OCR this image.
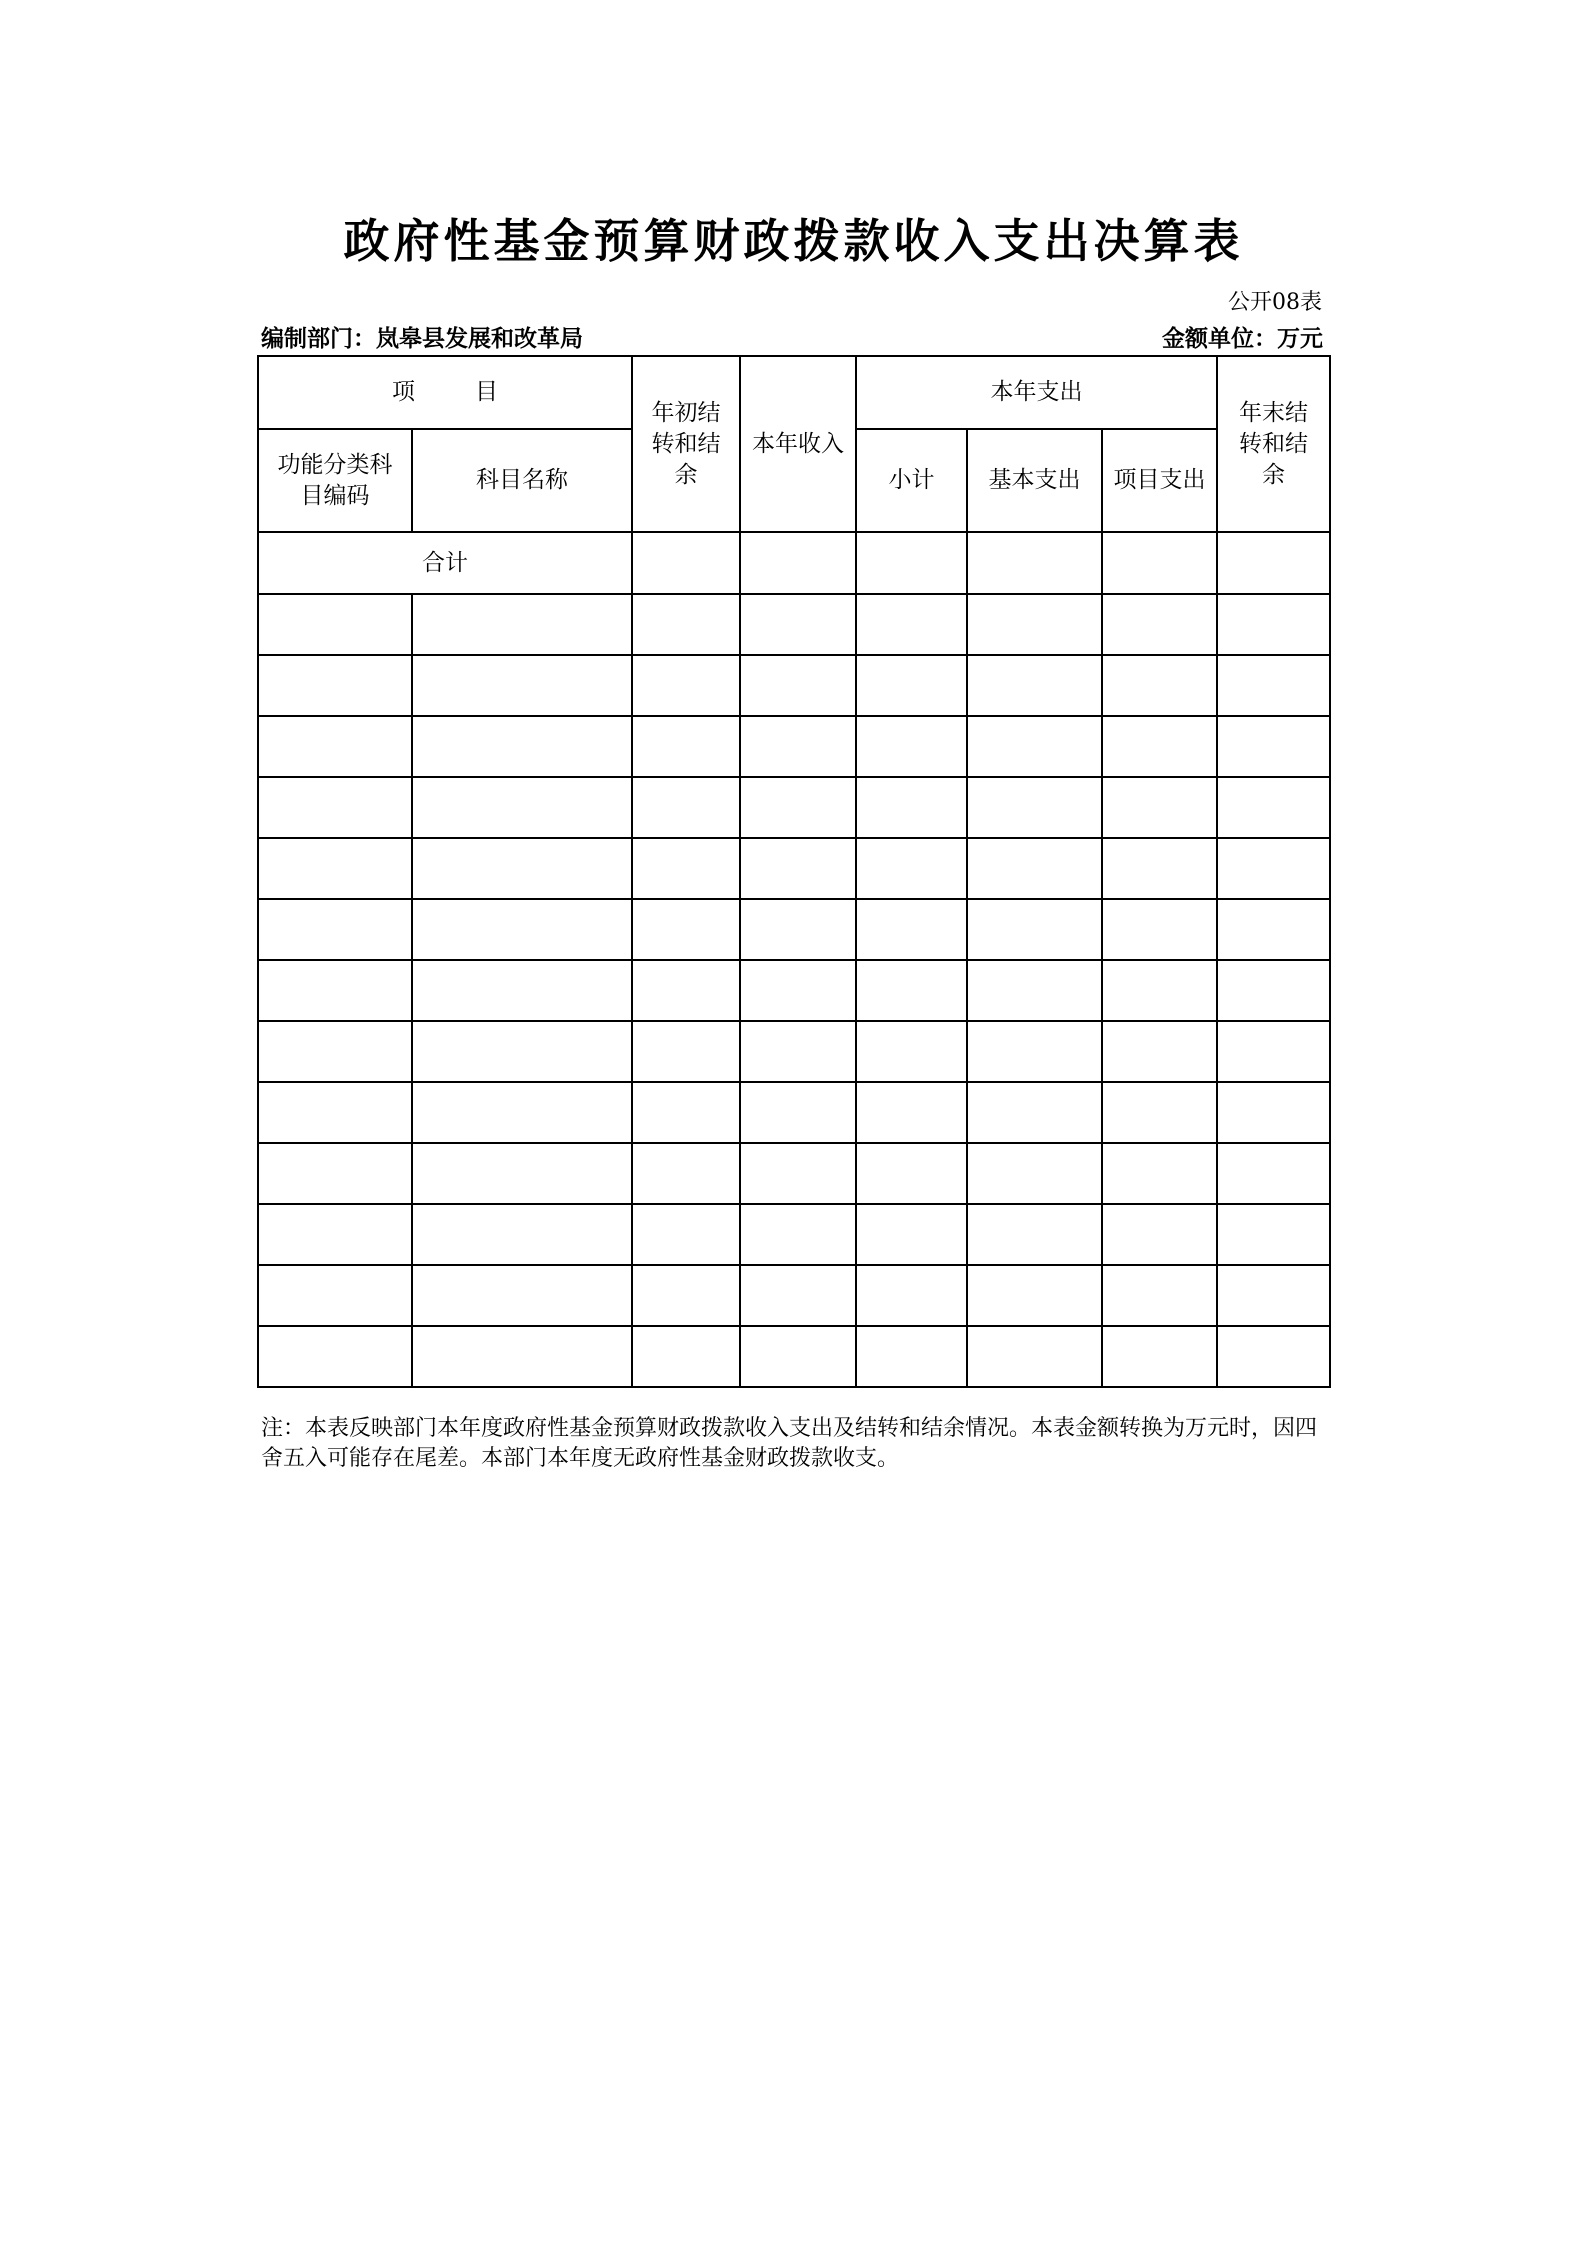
政府性基金预算财政拨款收入支出决算表
公开08表
编制部门：岚皋县发展和改革局	金额单位：万元
项 目		年初结转和结余	本年收入	本年支出			年末结转和结余

功能分类科目编码	科目名称			小计	基本支出	项目支出	
合计							

注：本表反映部门本年度政府性基金预算财政拨款收入支出及结转和结余情况。本表金额转换为万元时，因四舍五入可能存在尾差。本部门本年度无政府性基金财政拨款收支。
